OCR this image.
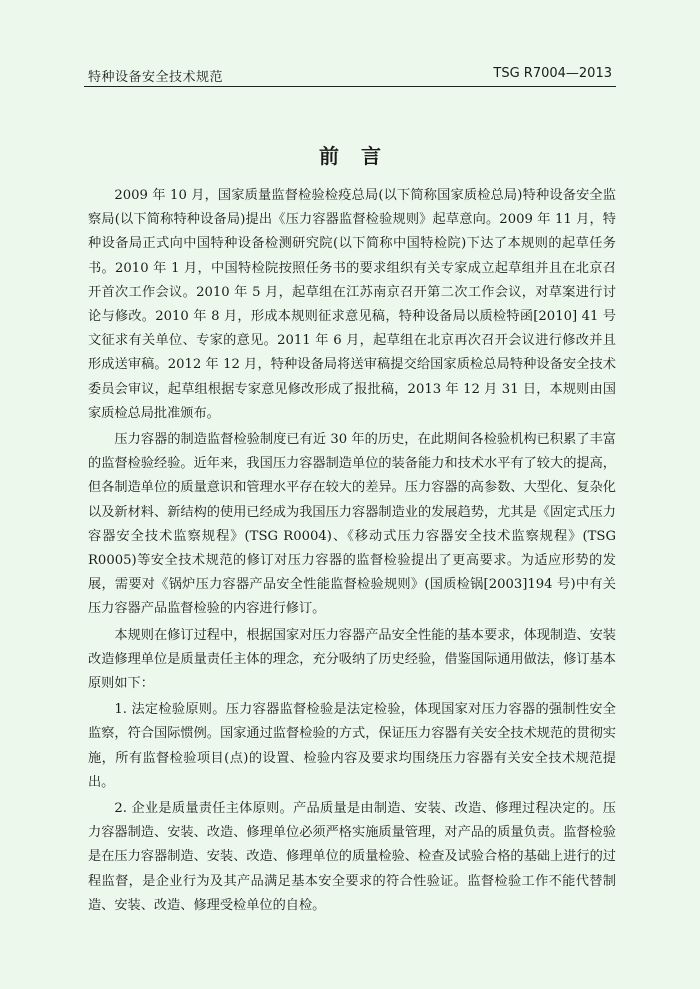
特种设备安全技术规范	TSG R7004—2013
前言

2009 年 10 月，国家质量监督检验检疫总局(以下简称国家质检总局)特种设备安全监察局(以下简称特种设备局)提出《压力容器监督检验规则》起草意向。2009 年 11 月，特种设备局正式向中国特种设备检测研究院(以下简称中国特检院)下达了本规则的起草任务书。2010 年 1 月，中国特检院按照任务书的要求组织有关专家成立起草组并且在北京召开首次工作会议。2010 年 5 月，起草组在江苏南京召开第二次工作会议，对草案进行讨论与修改。2010 年 8 月，形成本规则征求意见稿，特种设备局以质检特函[2010] 41 号文征求有关单位、专家的意见。2011 年 6 月，起草组在北京再次召开会议进行修改并且形成送审稿。2012 年 12 月，特种设备局将送审稿提交给国家质检总局特种设备安全技术委员会审议，起草组根据专家意见修改形成了报批稿，2013 年 12 月 31 日，本规则由国家质检总局批准颁布。

压力容器的制造监督检验制度已有近 30 年的历史，在此期间各检验机构已积累了丰富的监督检验经验。近年来，我国压力容器制造单位的装备能力和技术水平有了较大的提高，但各制造单位的质量意识和管理水平存在较大的差异。压力容器的高参数、大型化、复杂化以及新材料、新结构的使用已经成为我国压力容器制造业的发展趋势，尤其是《固定式压力容器安全技术监察规程》(TSG R0004)、《移动式压力容器安全技术监察规程》(TSG R0005)等安全技术规范的修订对压力容器的监督检验提出了更高要求。为适应形势的发展，需要对《锅炉压力容器产品安全性能监督检验规则》(国质检锅[2003]194 号)中有关压力容器产品监督检验的内容进行修订。

本规则在修订过程中，根据国家对压力容器产品安全性能的基本要求，体现制造、安装改造修理单位是质量责任主体的理念，充分吸纳了历史经验，借鉴国际通用做法，修订基本原则如下：

1. 法定检验原则。压力容器监督检验是法定检验，体现国家对压力容器的强制性安全监察，符合国际惯例。国家通过监督检验的方式，保证压力容器有关安全技术规范的贯彻实施，所有监督检验项目(点)的设置、检验内容及要求均围绕压力容器有关安全技术规范提出。

2. 企业是质量责任主体原则。产品质量是由制造、安装、改造、修理过程决定的。压力容器制造、安装、改造、修理单位必须严格实施质量管理，对产品的质量负责。监督检验是在压力容器制造、安装、改造、修理单位的质量检验、检查及试验合格的基础上进行的过程监督，是企业行为及其产品满足基本安全要求的符合性验证。监督检验工作不能代替制造、安装、改造、修理受检单位的自检。
